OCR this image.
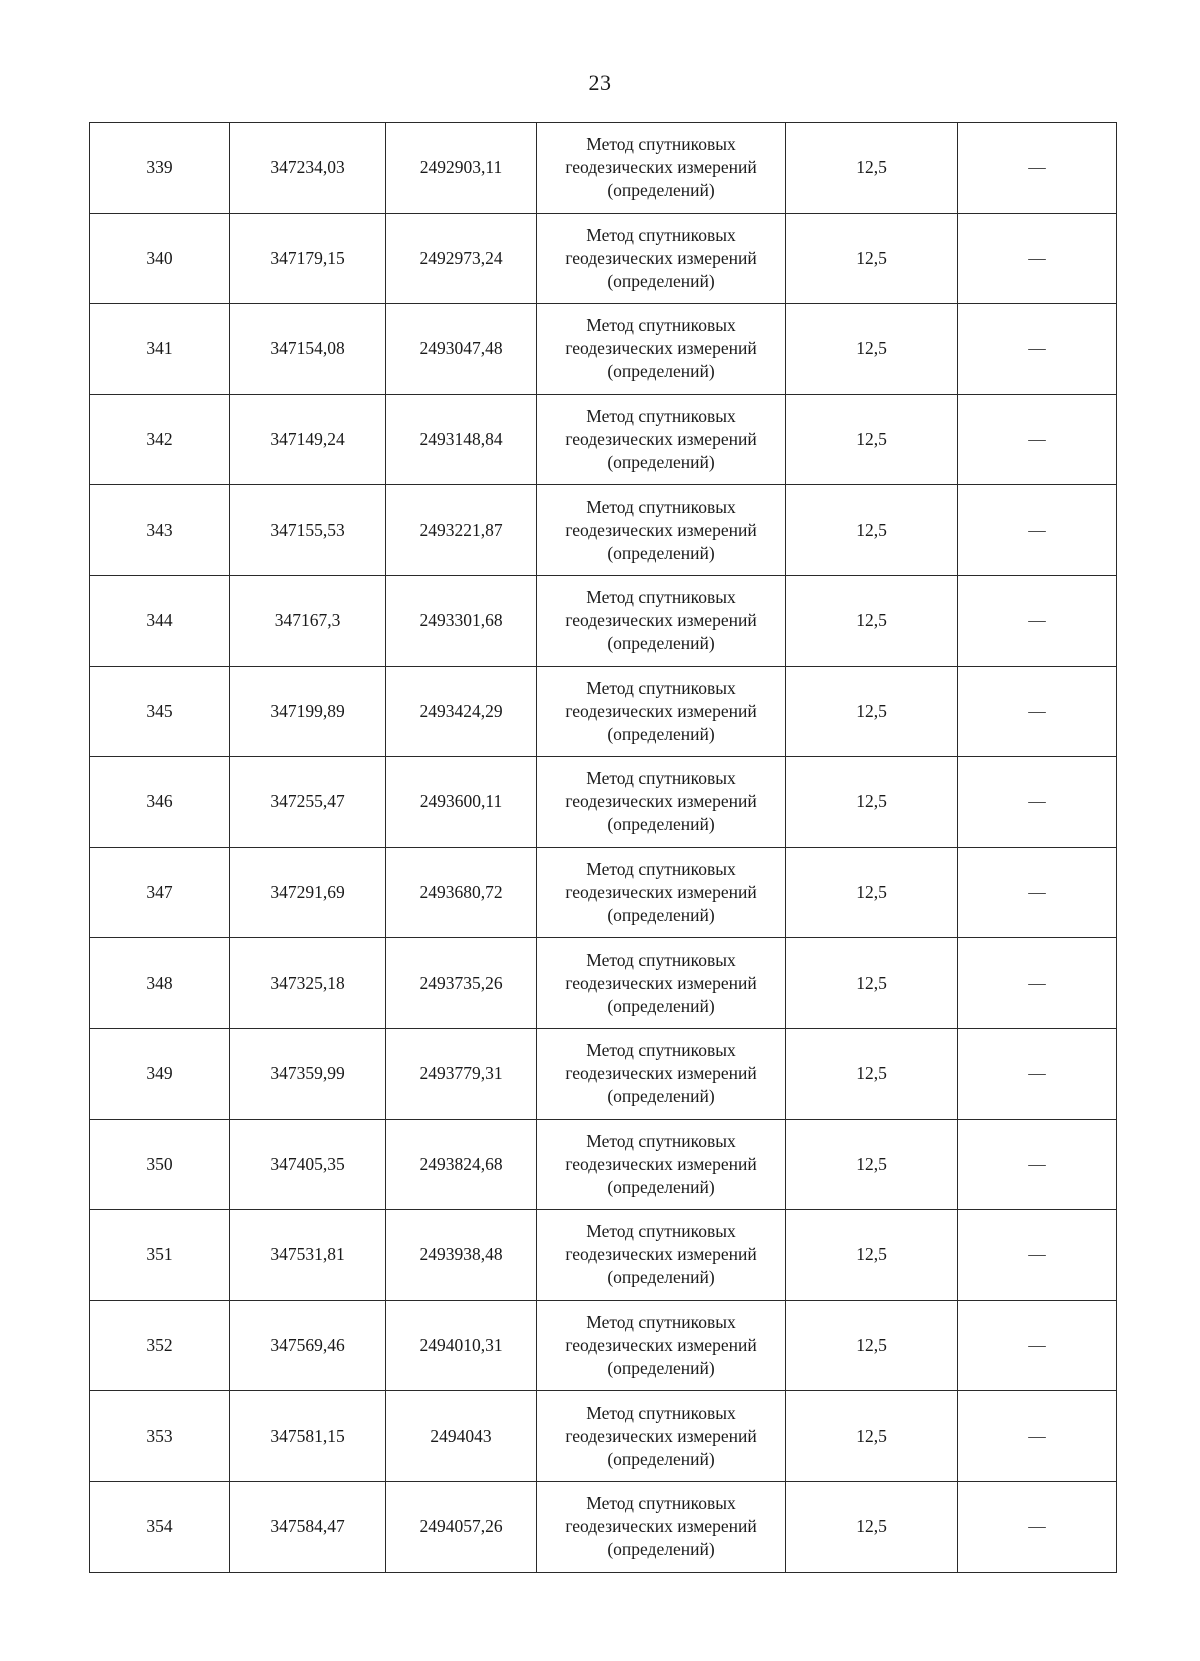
23
339	347234,03	2492903,11	Метод спутниковых геодезических измерений (определений)	12,5	—
340	347179,15	2492973,24	Метод спутниковых геодезических измерений (определений)	12,5	—
341	347154,08	2493047,48	Метод спутниковых геодезических измерений (определений)	12,5	—
342	347149,24	2493148,84	Метод спутниковых геодезических измерений (определений)	12,5	—
343	347155,53	2493221,87	Метод спутниковых геодезических измерений (определений)	12,5	—
344	347167,3	2493301,68	Метод спутниковых геодезических измерений (определений)	12,5	—
345	347199,89	2493424,29	Метод спутниковых геодезических измерений (определений)	12,5	—
346	347255,47	2493600,11	Метод спутниковых геодезических измерений (определений)	12,5	—
347	347291,69	2493680,72	Метод спутниковых геодезических измерений (определений)	12,5	—
348	347325,18	2493735,26	Метод спутниковых геодезических измерений (определений)	12,5	—
349	347359,99	2493779,31	Метод спутниковых геодезических измерений (определений)	12,5	—
350	347405,35	2493824,68	Метод спутниковых геодезических измерений (определений)	12,5	—
351	347531,81	2493938,48	Метод спутниковых геодезических измерений (определений)	12,5	—
352	347569,46	2494010,31	Метод спутниковых геодезических измерений (определений)	12,5	—
353	347581,15	2494043	Метод спутниковых геодезических измерений (определений)	12,5	—
354	347584,47	2494057,26	Метод спутниковых геодезических измерений (определений)	12,5	—
